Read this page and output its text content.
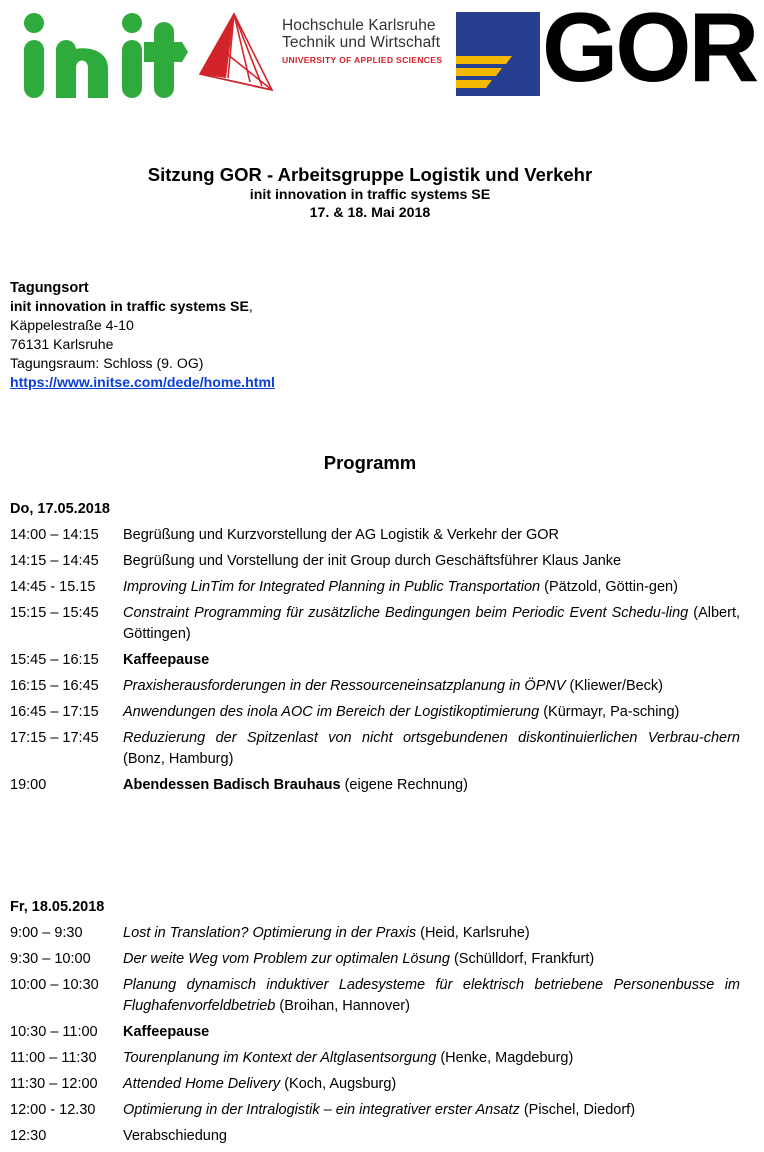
Hochschule Karlsruhe
Technik und Wirtschaft
UNIVERSITY OF APPLIED SCIENCES GOR
Sitzung GOR - Arbeitsgruppe Logistik und Verkehr
init innovation in traffic systems SE
17. & 18. Mai 2018
Tagungsort
init innovation in traffic systems SE,
Käppelestraße 4-10
76131 Karlsruhe
Tagungsraum: Schloss (9. OG)
https://www.initse.com/dede/home.html
Programm
Do, 17.05.2018
14:00 – 14:15	Begrüßung und Kurzvorstellung der AG Logistik & Verkehr der GOR
14:15 – 14:45	Begrüßung und Vorstellung der init Group durch Geschäftsführer Klaus Janke
14:45 - 15.15	Improving LinTim for Integrated Planning in Public Transportation (Pätzold, Göttin-gen)
15:15 – 15:45	Constraint Programming für zusätzliche Bedingungen beim Periodic Event Schedu-ling (Albert, Göttingen)
15:45 – 16:15	Kaffeepause
16:15 – 16:45	Praxisherausforderungen in der Ressourceneinsatzplanung in ÖPNV (Kliewer/Beck)
16:45 – 17:15	Anwendungen des inola AOC im Bereich der Logistikoptimierung (Kürmayr, Pa-sching)
17:15 – 17:45	Reduzierung der Spitzenlast von nicht ortsgebundenen diskontinuierlichen Verbrau-chern (Bonz, Hamburg)
19:00	Abendessen Badisch Brauhaus (eigene Rechnung)
Fr, 18.05.2018
9:00 – 9:30	Lost in Translation? Optimierung in der Praxis (Heid, Karlsruhe)
9:30 – 10:00	Der weite Weg vom Problem zur optimalen Lösung (Schülldorf, Frankfurt)
10:00 – 10:30	Planung dynamisch induktiver Ladesysteme für elektrisch betriebene Personenbusse im Flughafenvorfeldbetrieb (Broihan, Hannover)
10:30 – 11:00	Kaffeepause
11:00 – 11:30	Tourenplanung im Kontext der Altglasentsorgung (Henke, Magdeburg)
11:30 – 12:00	Attended Home Delivery (Koch, Augsburg)
12:00 - 12.30	Optimierung in der Intralogistik – ein integrativer erster Ansatz (Pischel, Diedorf)
12:30	Verabschiedung
